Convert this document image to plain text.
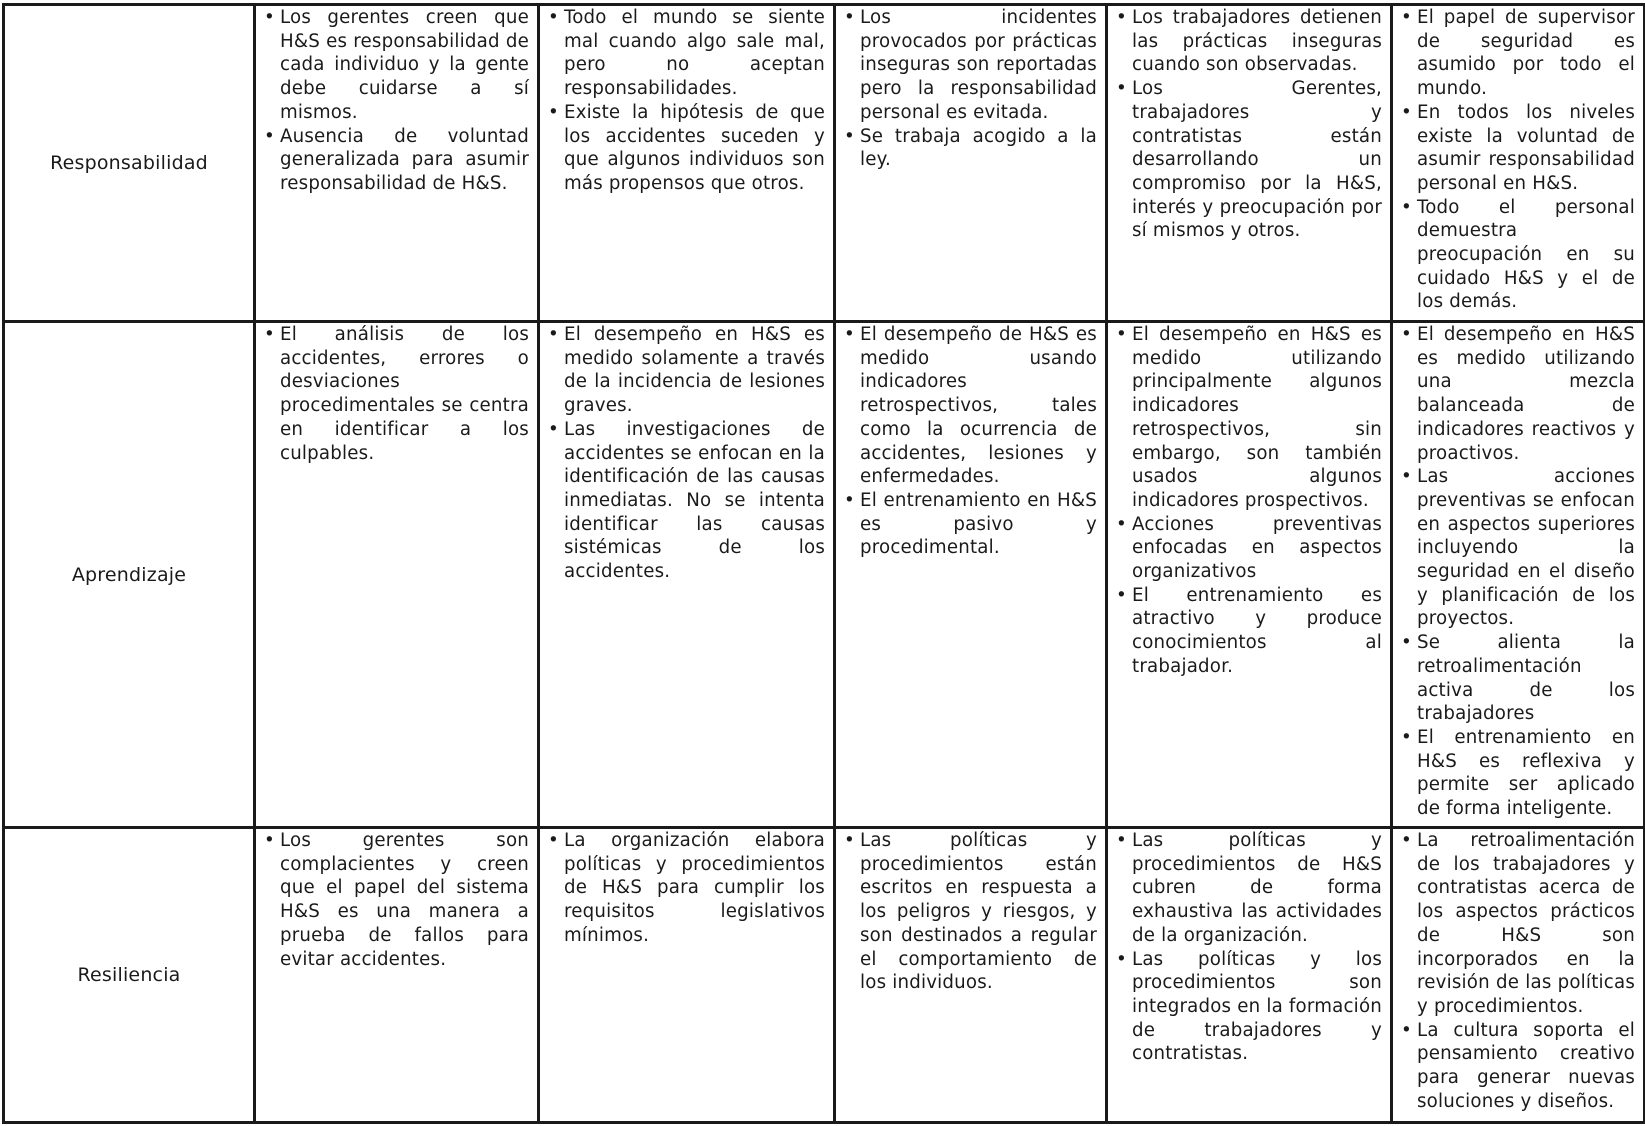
Responsabilidad	
• Los gerentes creen que H&S es responsabilidad de cada individuo y la gente debe cuidarse a sí mismos.
• Ausencia de voluntad generalizada para asumir responsabilidad de H&S.

• Todo el mundo se siente mal cuando algo sale mal, pero no aceptan responsabilidades.
• Existe la hipótesis de que los accidentes suceden y que algunos individuos son más propensos que otros.

• Los incidentes provocados por prácticas inseguras son reportadas pero la responsabilidad personal es evitada.
• Se trabaja acogido a la ley.

• Los trabajadores detienen las prácticas inseguras cuando son observadas.
• Los Gerentes, trabajadores y contratistas están desarrollando un compromiso por la H&S, interés y preocupación por sí mismos y otros.

• El papel de supervisor de seguridad es asumido por todo el mundo.
• En todos los niveles existe la voluntad de asumir responsabilidad personal en H&S.
• Todo el personal demuestra preocupación en su cuidado H&S y el de los demás.

Aprendizaje	
• El análisis de los accidentes, errores o desviaciones procedimentales se centra en identificar a los culpables.

• El desempeño en H&S es medido solamente a través de la incidencia de lesiones graves.
• Las investigaciones de accidentes se enfocan en la identificación de las causas inmediatas. No se intenta identificar las causas sistémicas de los accidentes.

• El desempeño de H&S es medido usando indicadores retrospectivos, tales como la ocurrencia de accidentes, lesiones y enfermedades.
• El entrenamiento en H&S es pasivo y procedimental.

• El desempeño en H&S es medido utilizando principalmente algunos indicadores retrospectivos, sin embargo, son también usados algunos indicadores prospectivos.
• Acciones preventivas enfocadas en aspectos organizativos
• El entrenamiento es atractivo y produce conocimientos al trabajador.

• El desempeño en H&S es medido utilizando una mezcla balanceada de indicadores reactivos y proactivos.
• Las acciones preventivas se enfocan en aspectos superiores incluyendo la seguridad en el diseño y planificación de los proyectos.
• Se alienta la retroalimentación activa de los trabajadores
• El entrenamiento en H&S es reflexiva y permite ser aplicado de forma inteligente.

Resiliencia	
• Los gerentes son complacientes y creen que el papel del sistema H&S es una manera a prueba de fallos para evitar accidentes.

• La organización elabora políticas y procedimientos de H&S para cumplir los requisitos legislativos mínimos.

• Las políticas y procedimientos están escritos en respuesta a los peligros y riesgos, y son destinados a regular el comportamiento de los individuos.

• Las políticas y procedimientos de H&S cubren de forma exhaustiva las actividades de la organización.
• Las políticas y los procedimientos son integrados en la formación de trabajadores y contratistas.

• La retroalimentación de los trabajadores y contratistas acerca de los aspectos prácticos de H&S son incorporados en la revisión de las políticas y procedimientos.
• La cultura soporta el pensamiento creativo para generar nuevas soluciones y diseños.
